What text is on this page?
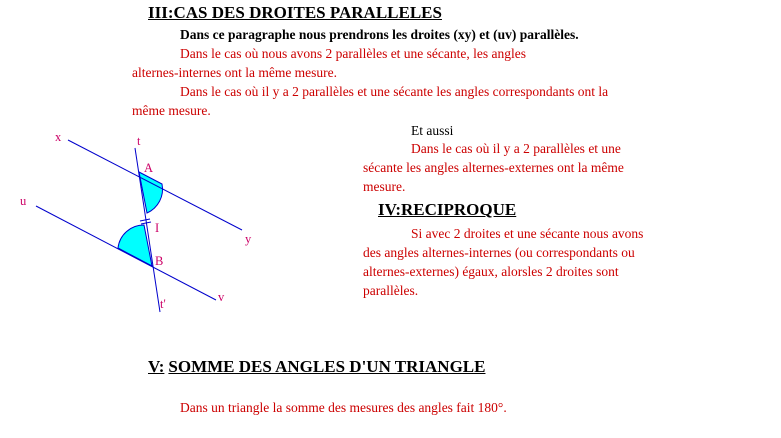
III:CAS DES DROITES PARALLELES
Dans ce paragraphe nous prendrons les droites (xy) et (uv) parallèles.
Dans le cas où nous avons 2 parallèles et une sécante, les angles
alternes-internes ont la même mesure.
Dans le cas où il y a 2 parallèles et une sécante les angles correspondants ont la
même mesure.
Et aussi
Dans le cas où il y a 2 parallèles et une
sécante les angles alternes-externes ont la même
mesure.
IV:RECIPROQUE
Si avec 2 droites et une sécante nous avons
des angles alternes-internes (ou correspondants ou
alternes-externes) égaux, alorsles 2 droites sont
parallèles.
V: SOMME DES ANGLES D'UN TRIANGLE
Dans un triangle la somme des mesures des angles fait 180°.
x
y
u
v
t
t'
A
B
I
